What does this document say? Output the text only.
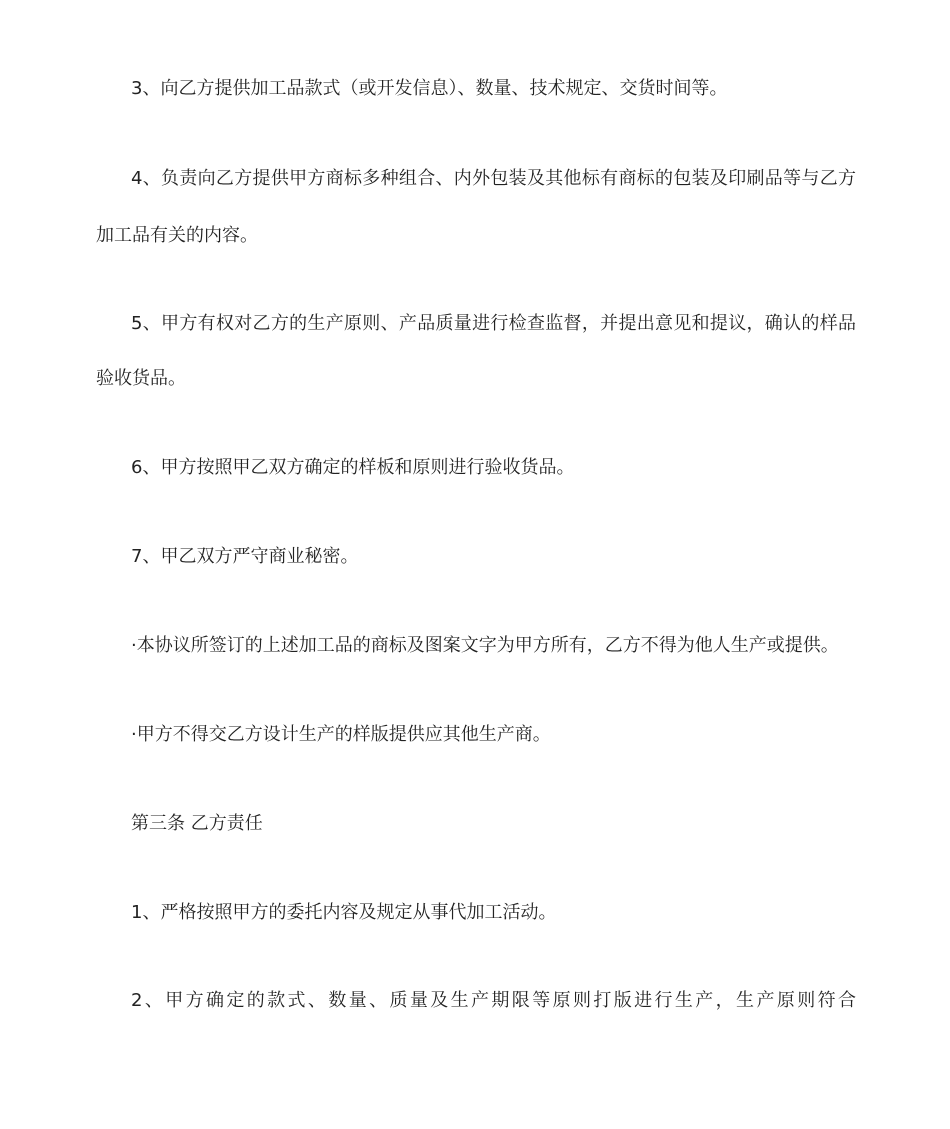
3、向乙方提供加工品款式（或开发信息）、数量、技术规定、交货时间等。
4、负责向乙方提供甲方商标多种组合、内外包装及其他标有商标的包装及印刷品等与乙方
加工品有关的内容。
5、甲方有权对乙方的生产原则、产品质量进行检查监督，并提出意见和提议，确认的样品
验收货品。
6、甲方按照甲乙双方确定的样板和原则进行验收货品。
7、甲乙双方严守商业秘密。
·本协议所签订的上述加工品的商标及图案文字为甲方所有，乙方不得为他人生产或提供。
·甲方不得交乙方设计生产的样版提供应其他生产商。
第三条 乙方责任
1、严格按照甲方的委托内容及规定从事代加工活动。
2、甲方确定的款式、数量、质量及生产期限等原则打版进行生产，生产原则符合
